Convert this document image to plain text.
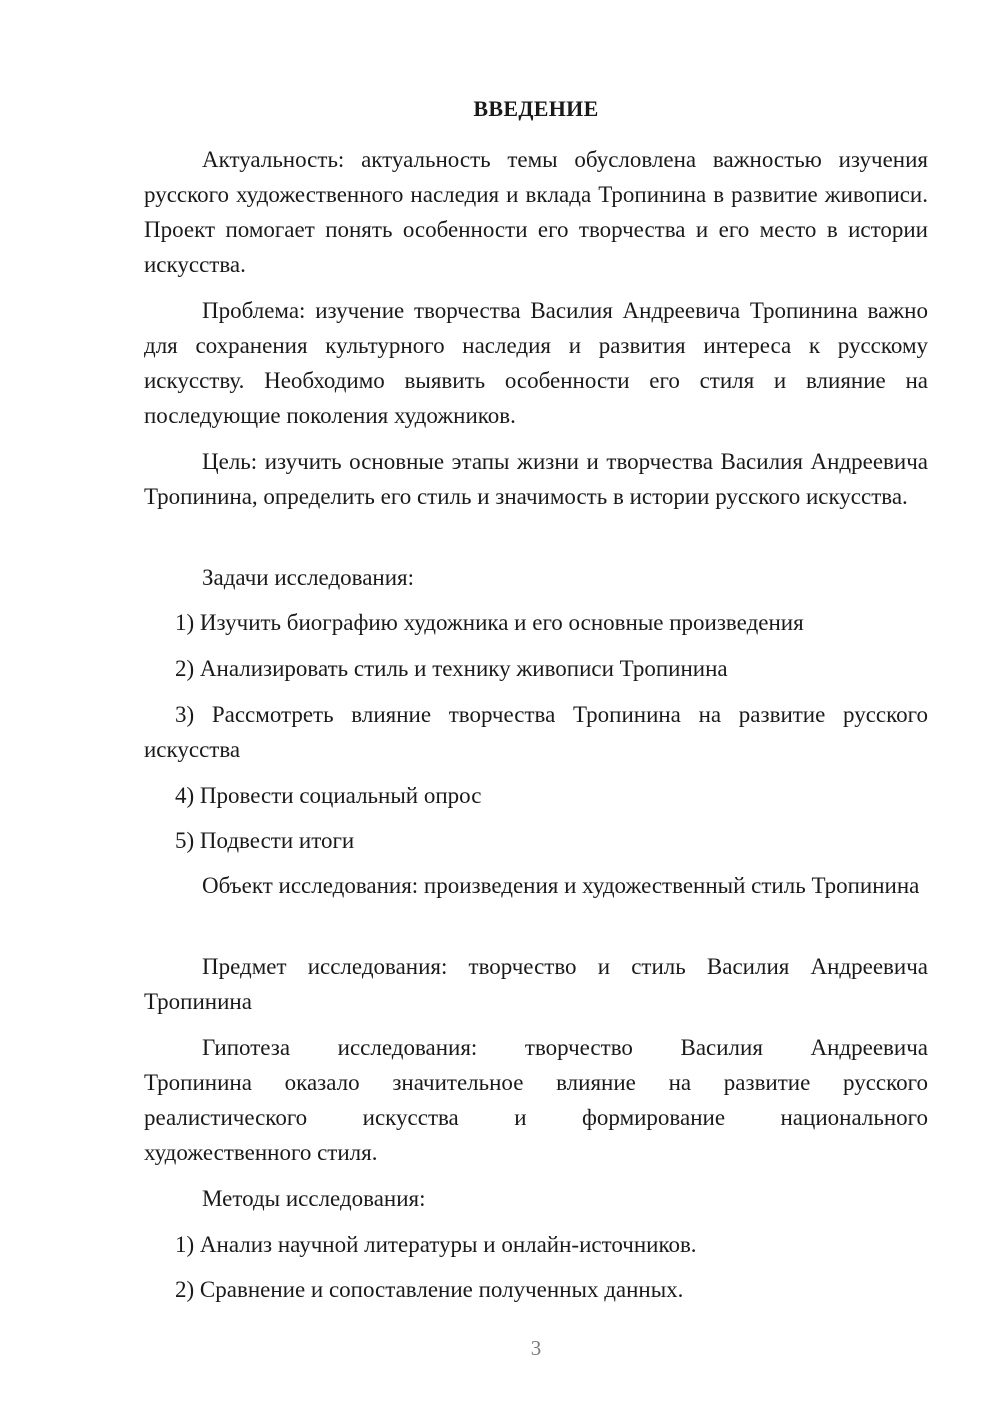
ВВЕДЕНИЕ
Актуальность: актуальность темы обусловлена важностью изучения русского художественного наследия и вклада Тропинина в развитие живописи. Проект помогает понять особенности его творчества и его место в истории искусства.
Проблема: изучение творчества Василия Андреевича Тропинина важно для сохранения культурного наследия и развития интереса к русскому искусству. Необходимо выявить особенности его стиля и влияние на последующие поколения художников.
Цель: изучить основные этапы жизни и творчества Василия Андреевича Тропинина, определить его стиль и значимость в истории русского искусства.
Задачи исследования:
1) Изучить биографию художника и его основные произведения
2) Анализировать стиль и технику живописи Тропинина
3) Рассмотреть влияние творчества Тропинина на развитие русского искусства
4) Провести социальный опрос
5) Подвести итоги
Объект исследования: произведения и художественный стиль Тропинина
Предмет исследования: творчество и стиль Василия Андреевича Тропинина
Гипотеза исследования: творчество Василия Андреевича
Тропинина оказало значительное влияние на развитие русского
реалистического искусства и формирование национального
художественного стиля.
Методы исследования:
1) Анализ научной литературы и онлайн-источников.
2) Сравнение и сопоставление полученных данных.
3
